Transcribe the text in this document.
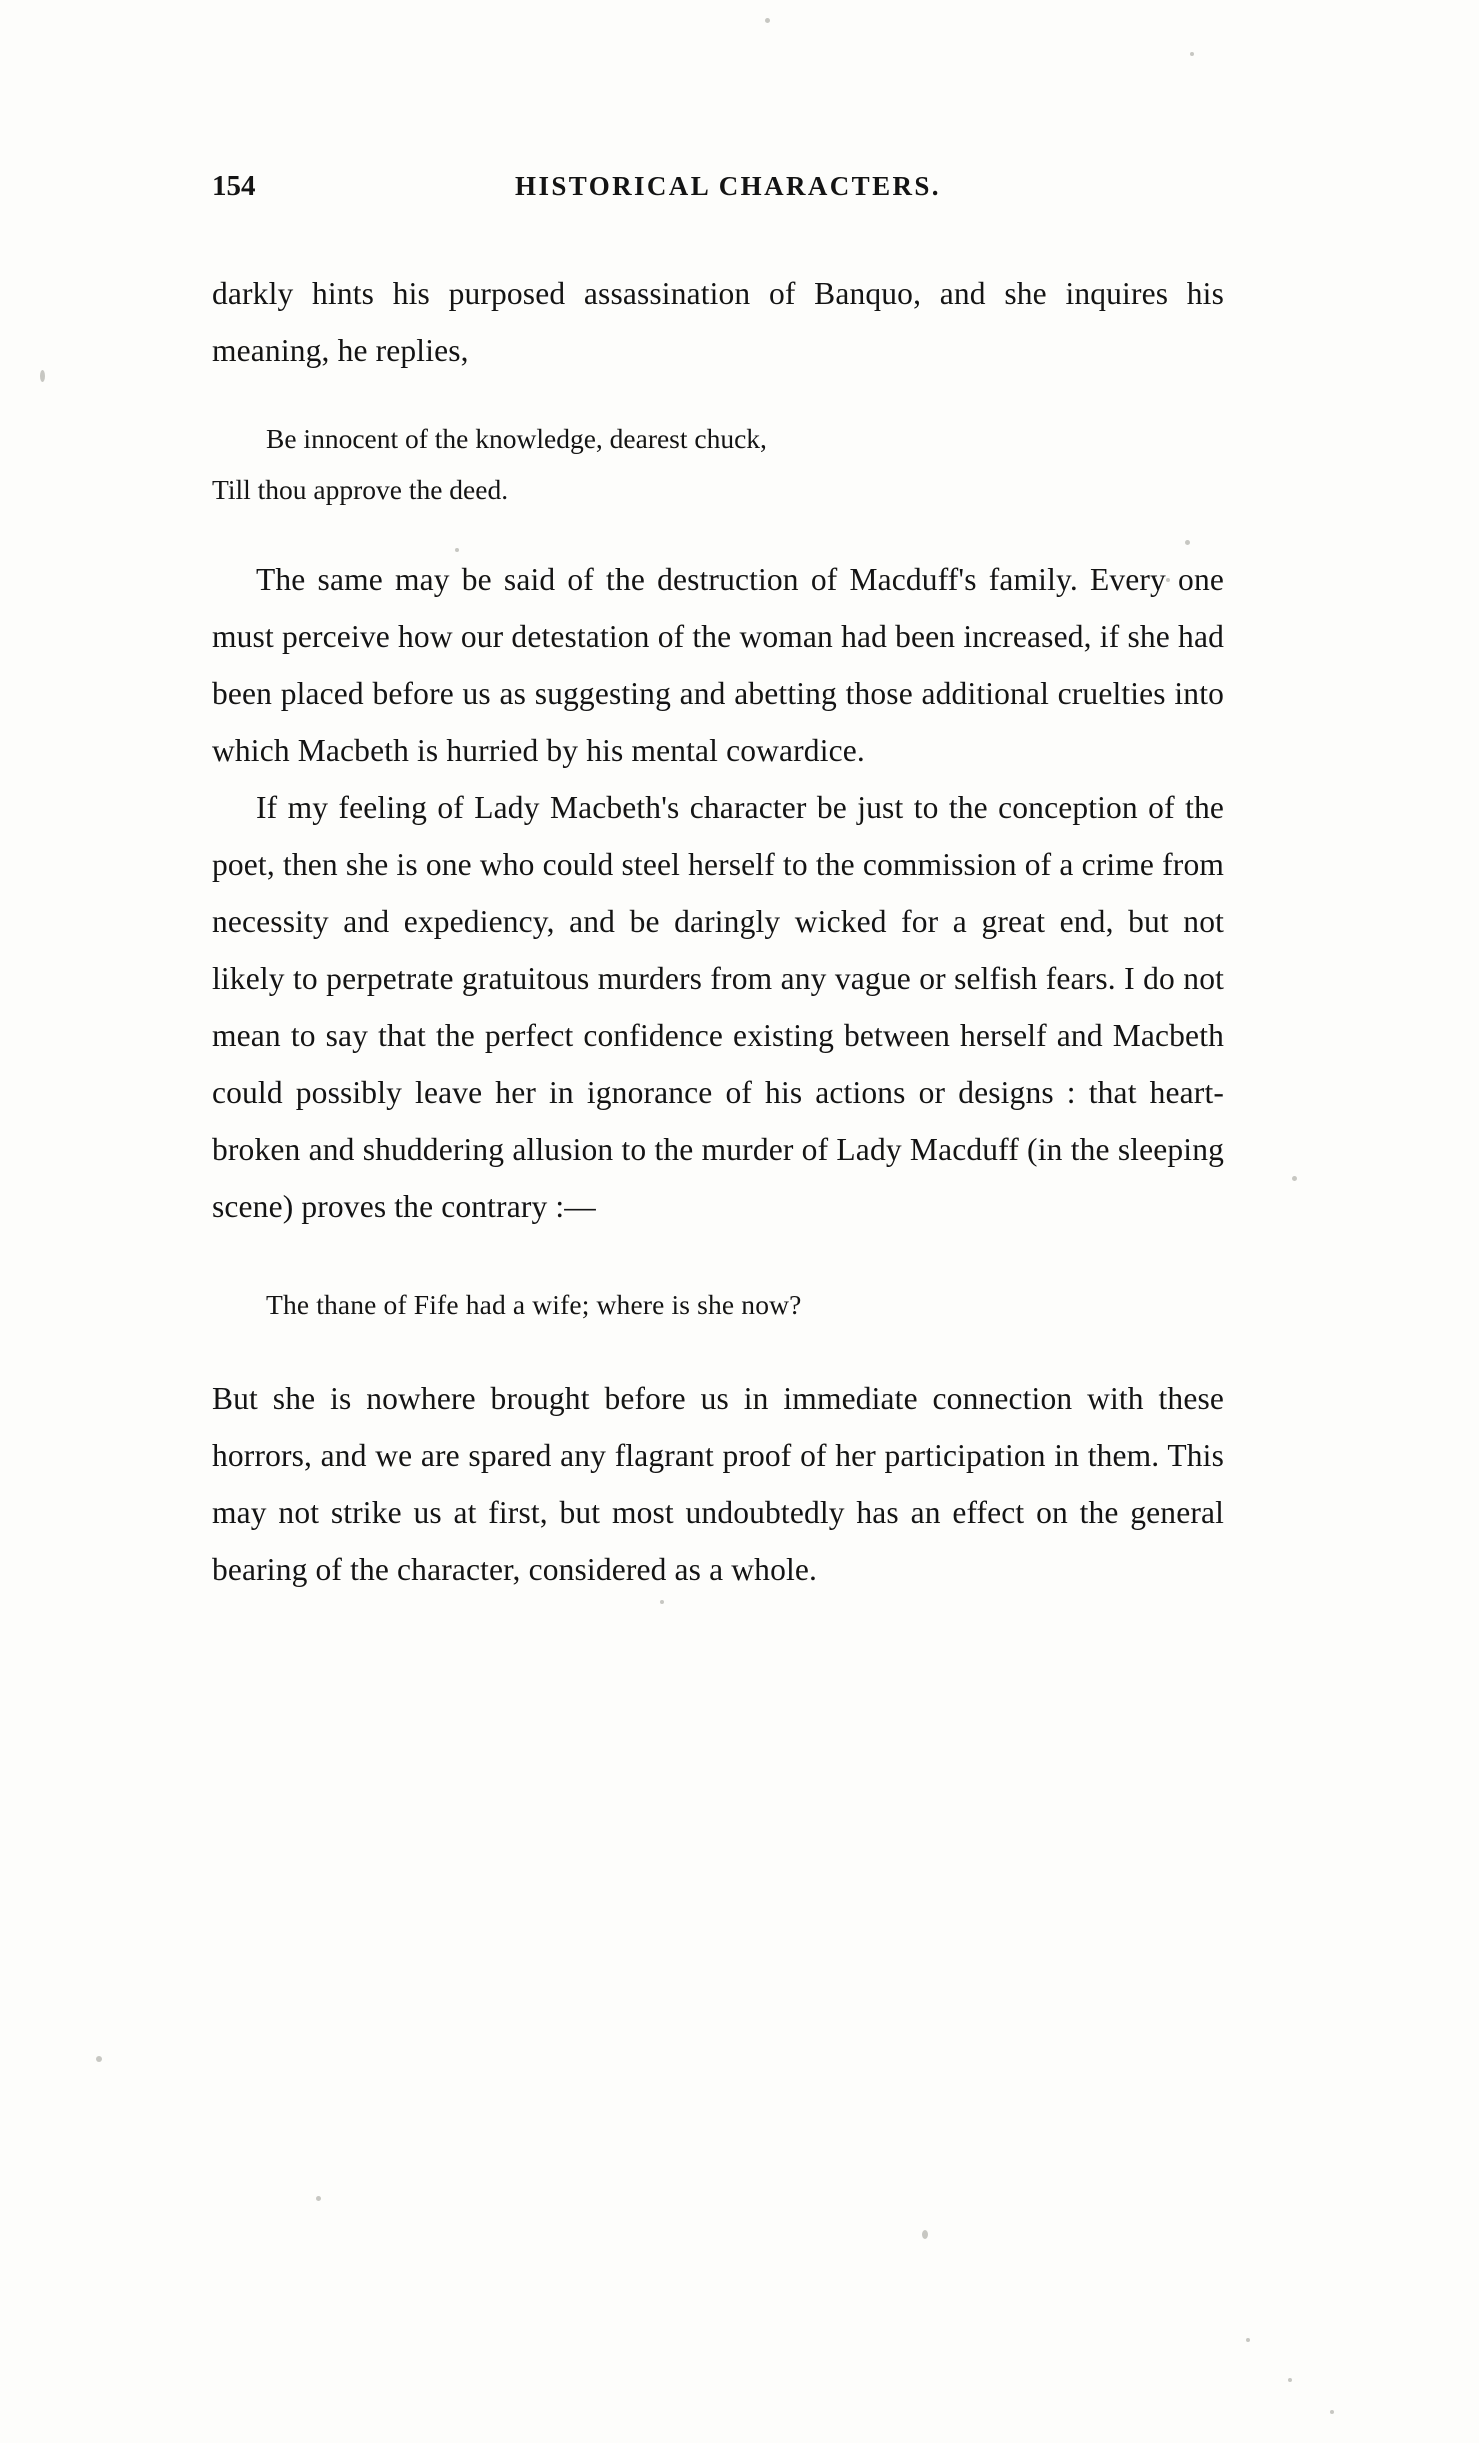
154	HISTORICAL CHARACTERS.

darkly hints his purposed assassination of Banquo, and she inquires his meaning, he replies,

Be innocent of the knowledge, dearest chuck,
Till thou approve the deed.

The same may be said of the destruction of Macduff's family. Every one must perceive how our detestation of the woman had been increased, if she had been placed before us as suggesting and abetting those additional cruelties into which Macbeth is hurried by his mental cowardice.

If my feeling of Lady Macbeth's character be just to the conception of the poet, then she is one who could steel herself to the commission of a crime from necessity and expediency, and be daringly wicked for a great end, but not likely to perpetrate gratuitous murders from any vague or selfish fears. I do not mean to say that the perfect confidence existing between herself and Macbeth could possibly leave her in ignorance of his actions or designs : that heart-broken and shuddering allusion to the murder of Lady Macduff (in the sleeping scene) proves the contrary :—

The thane of Fife had a wife; where is she now?

But she is nowhere brought before us in immediate connection with these horrors, and we are spared any flagrant proof of her participation in them. This may not strike us at first, but most undoubtedly has an effect on the general bearing of the character, considered as a whole.
